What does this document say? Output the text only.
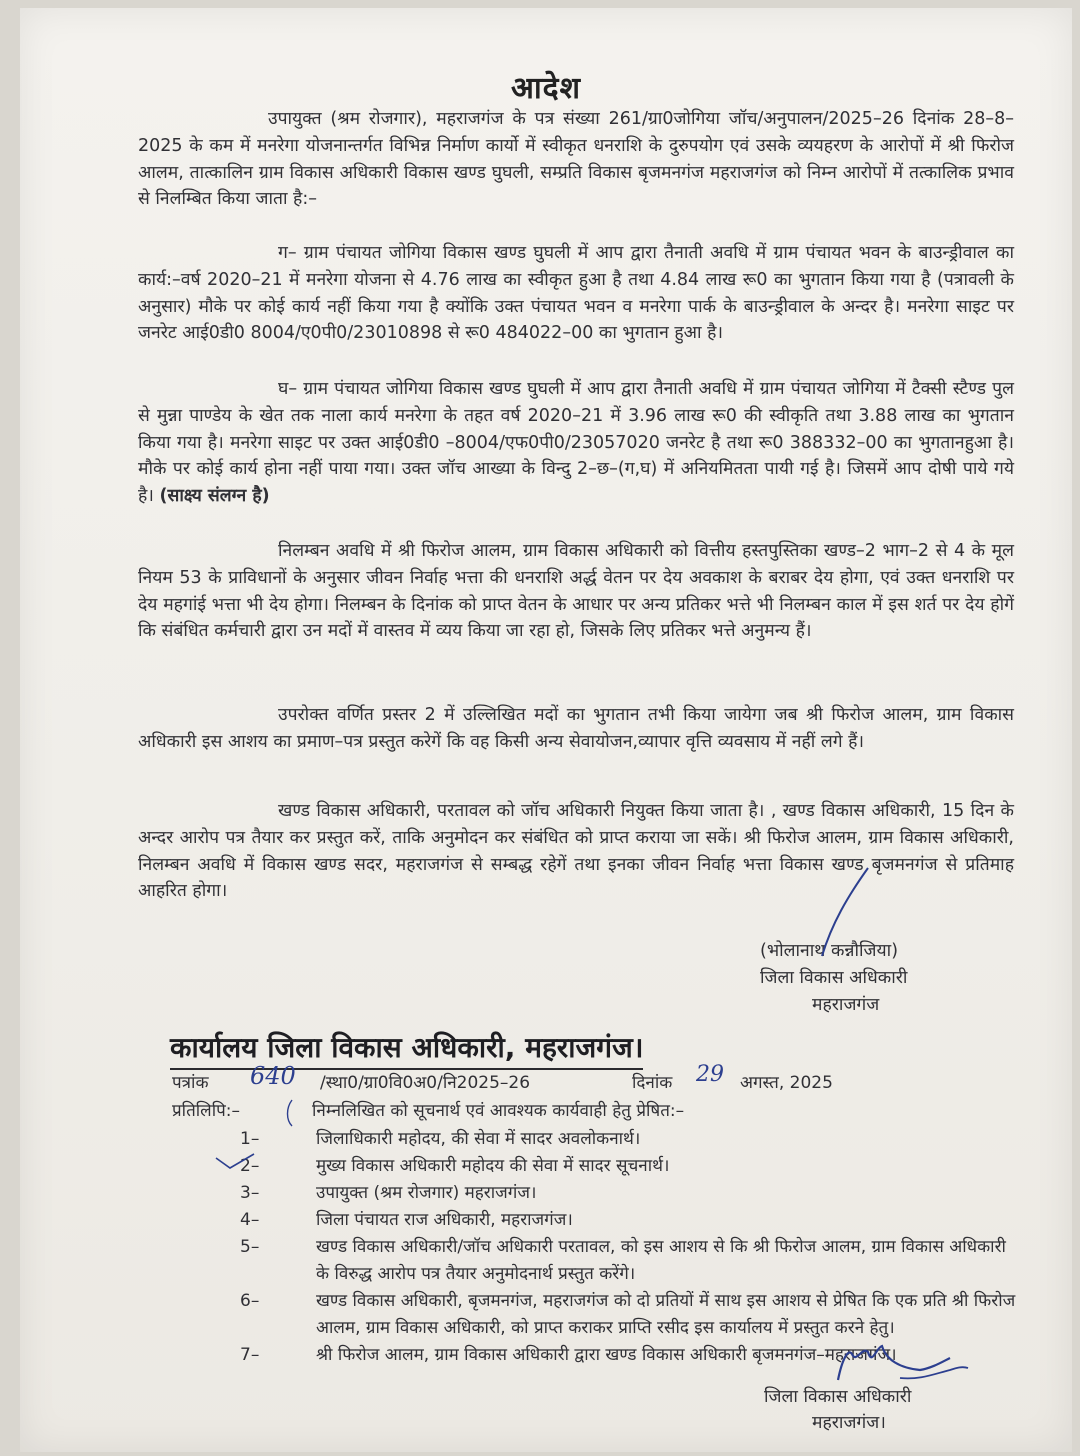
आदेश

उपायुक्त (श्रम रोजगार), महराजगंज के पत्र संख्या 261/ग्रा0जोगिया जॉच/अनुपालन/2025–26 दिनांक 28–8–2025 के कम में मनरेगा योजनान्तर्गत विभिन्न निर्माण कार्यो में स्वीकृत धनराशि के दुरुपयोग एवं उसके व्ययहरण के आरोपों में श्री फिरोज आलम, तात्कालिन ग्राम विकास अधिकारी विकास खण्ड घुघली, सम्प्रति विकास बृजमनगंज महराजगंज को निम्न आरोपों में तत्कालिक प्रभाव से निलम्बित किया जाता है:–

ग– ग्राम पंचायत जोगिया विकास खण्ड घुघली में आप द्वारा तैनाती अवधि में ग्राम पंचायत भवन के बाउन्ड्रीवाल का कार्य:–वर्ष 2020–21 में मनरेगा योजना से 4.76 लाख का स्वीकृत हुआ है तथा 4.84 लाख रू0 का भुगतान किया गया है (पत्रावली के अनुसार) मौके पर कोई कार्य नहीं किया गया है क्योंकि उक्त पंचायत भवन व मनरेगा पार्क के बाउन्ड्रीवाल के अन्दर है। मनरेगा साइट पर जनरेट आई0डी0 8004/ए0पी0/23010898 से रू0 484022–00 का भुगतान हुआ है।

घ– ग्राम पंचायत जोगिया विकास खण्ड घुघली में आप द्वारा तैनाती अवधि में ग्राम पंचायत जोगिया में टैक्सी स्टैण्ड पुल से मुन्ना पाण्डेय के खेत तक नाला कार्य मनरेगा के तहत वर्ष 2020–21 में 3.96 लाख रू0 की स्वीकृति तथा 3.88 लाख का भुगतान किया गया है। मनरेगा साइट पर उक्त आई0डी0 –8004/एफ0पी0/23057020 जनरेट है तथा रू0 388332–00 का भुगतानहुआ है। मौके पर कोई कार्य होना नहीं पाया गया। उक्त जॉच आख्या के विन्दु 2–छ–(ग,घ) में अनियमितता पायी गई है। जिसमें आप दोषी पाये गये है। (साक्ष्य संलग्न है)

निलम्बन अवधि में श्री फिरोज आलम, ग्राम विकास अधिकारी को वित्तीय हस्तपुस्तिका खण्ड–2 भाग–2 से 4 के मूल नियम 53 के प्राविधानों के अनुसार जीवन निर्वाह भत्ता की धनराशि अर्द्ध वेतन पर देय अवकाश के बराबर देय होगा, एवं उक्त धनराशि पर देय महगांई भत्ता भी देय होगा। निलम्बन के दिनांक को प्राप्त वेतन के आधार पर अन्य प्रतिकर भत्ते भी निलम्बन काल में इस शर्त पर देय होगें कि संबंधित कर्मचारी द्वारा उन मदों में वास्तव में व्यय किया जा रहा हो, जिसके लिए प्रतिकर भत्ते अनुमन्य हैं।

उपरोक्त वर्णित प्रस्तर 2 में उल्लिखित मदों का भुगतान तभी किया जायेगा जब श्री फिरोज आलम, ग्राम विकास अधिकारी इस आशय का प्रमाण–पत्र प्रस्तुत करेगें कि वह किसी अन्य सेवायोजन,व्यापार वृत्ति व्यवसाय में नहीं लगे हैं।

खण्ड विकास अधिकारी, परतावल को जॉच अधिकारी नियुक्त किया जाता है। , खण्ड विकास अधिकारी, 15 दिन के अन्दर आरोप पत्र तैयार कर प्रस्तुत करें, ताकि अनुमोदन कर संबंधित को प्राप्त कराया जा सकें। श्री फिरोज आलम, ग्राम विकास अधिकारी, निलम्बन अवधि में विकास खण्ड सदर, महराजगंज से सम्बद्ध रहेगें तथा इनका जीवन निर्वाह भत्ता विकास खण्ड बृजमनगंज से प्रतिमाह आहरित होगा।

(भोलानाथ कन्नौजिया)
जिला विकास अधिकारी
महराजगंज
कार्यालय जिला विकास अधिकारी, महराजगंज।
पत्रांक 640 /स्था0/ग्रा0वि0अ0/नि2025–26	दिनांक 29 अगस्त, 2025
प्रतिलिपि:–	निम्नलिखित को सूचनार्थ एवं आवश्यक कार्यवाही हेतु प्रेषित:–
1–	जिलाधिकारी महोदय, की सेवा में सादर अवलोकनार्थ।
2–	मुख्य विकास अधिकारी महोदय की सेवा में सादर सूचनार्थ।
3–	उपायुक्त (श्रम रोजगार) महराजगंज।
4–	जिला पंचायत राज अधिकारी, महराजगंज।
5–	खण्ड विकास अधिकारी/जॉच अधिकारी परतावल, को इस आशय से कि श्री फिरोज आलम, ग्राम विकास अधिकारी के विरुद्ध आरोप पत्र तैयार अनुमोदनार्थ प्रस्तुत करेंगे।
6–	खण्ड विकास अधिकारी, बृजमनगंज, महराजगंज को दो प्रतियों में साथ इस आशय से प्रेषित कि एक प्रति श्री फिरोज आलम, ग्राम विकास अधिकारी, को प्राप्त कराकर प्राप्ति रसीद इस कार्यालय में प्रस्तुत करने हेतु।
7–	श्री फिरोज आलम, ग्राम विकास अधिकारी द्वारा खण्ड विकास अधिकारी बृजमनगंज–महराजगंज।
जिला विकास अधिकारी
महराजगंज।
